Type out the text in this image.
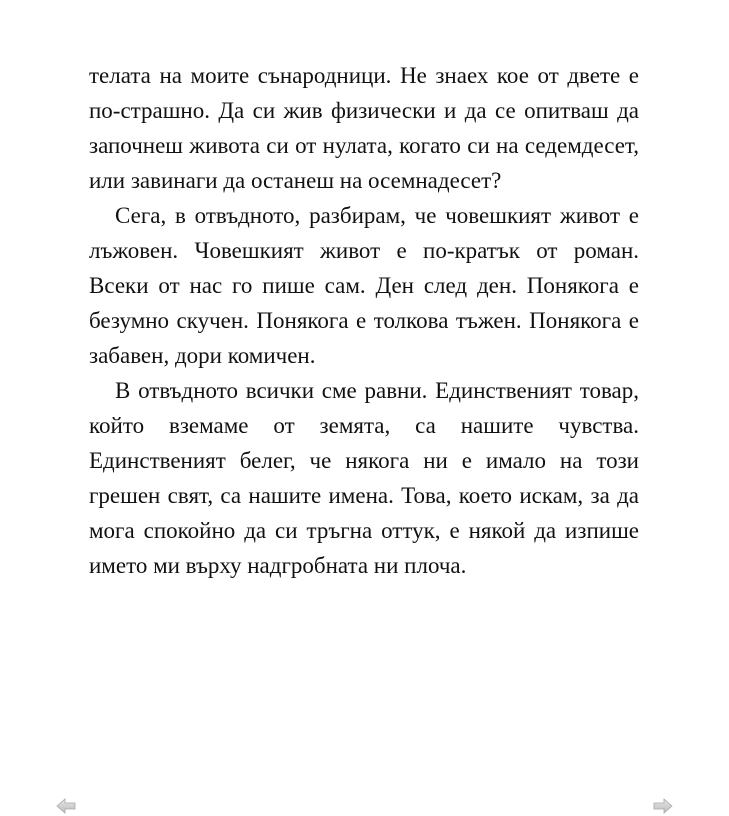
телата на моите сънародници. Не знаех кое от двете е по-страшно. Да си жив физически и да се опитваш да започнеш живота си от нулата, когато си на седемдесет, или завинаги да останеш на осемнадесет?

Сега, в отвъдното, разбирам, че човешкият живот е лъжовен. Човешкият живот е по-кратък от роман. Всеки от нас го пише сам. Ден след ден. Понякога е безумно скучен. Понякога е толкова тъжен. Понякога е забавен, дори комичен.

В отвъдното всички сме равни. Единственият товар, който вземаме от земята, са нашите чувства. Единственият белег, че някога ни е имало на този грешен свят, са нашите имена. Това, което искам, за да мога спокойно да си тръгна оттук, е някой да изпише името ми върху надгробната ни плоча.
